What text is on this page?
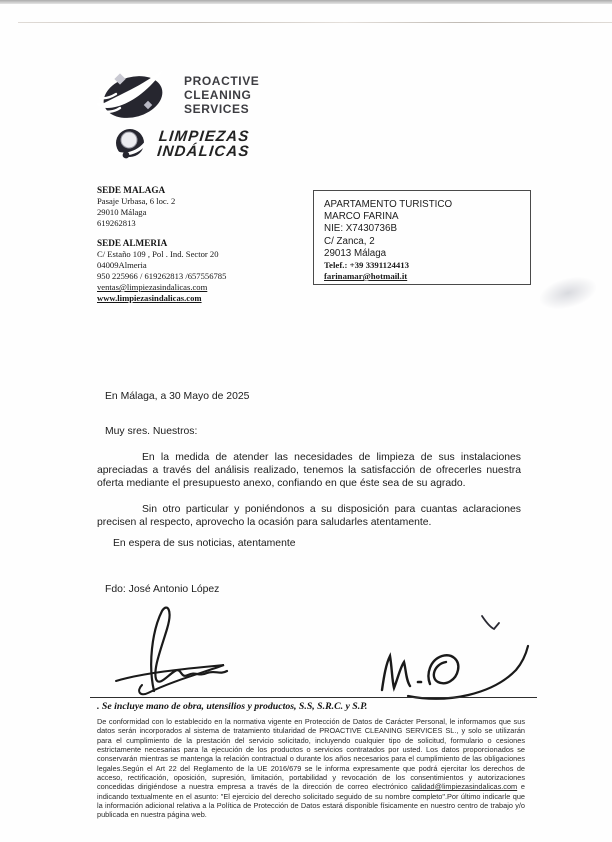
PROACTIVE
CLEANING
SERVICES
LIMPIEZAS
INDÁLICAS
SEDE MALAGA
Pasaje Urbasa, 6 loc. 2
29010 Málaga
619262813
SEDE ALMERIA
C/ Estaño 109 , Pol . Ind. Sector 20
04009Almeria
950 225966 / 619262813 /657556785
ventas@limpiezasindalicas.com
www.limpiezasindalicas.com
APARTAMENTO TURISTICO
MARCO FARINA
NIE: X7430736B
C/ Zanca, 2
29013 Málaga
Telef.: +39 3391124413
farinamar@hotmail.it
En Málaga, a 30 Mayo de 2025
Muy sres. Nuestros:
En la medida de atender las necesidades de limpieza de sus instalaciones apreciadas a través del análisis realizado, tenemos la satisfacción de ofrecerles nuestra oferta mediante el presupuesto anexo, confiando en que éste sea de su agrado.
Sin otro particular y poniéndonos a su disposición para cuantas aclaraciones precisen al respecto, aprovecho la ocasión para saludarles atentamente.
En espera de sus noticias, atentamente
Fdo: José Antonio López
. Se incluye mano de obra, utensilios y productos, S.S, S.R.C. y S.P.
De conformidad con lo establecido en la normativa vigente en Protección de Datos de Carácter Personal, le informamos que sus datos serán incorporados al sistema de tratamiento titularidad de PROACTIVE CLEANING SERVICES SL., y solo se utilizarán para el cumplimiento de la prestación del servicio solicitado, incluyendo cualquier tipo de solicitud, formulario o cesiones estrictamente necesarias para la ejecución de los productos o servicios contratados por usted. Los datos proporcionados se conservarán mientras se mantenga la relación contractual o durante los años necesarios para el cumplimiento de las obligaciones legales.Según el Art 22 del Reglamento de la UE 2016/679 se le informa expresamente que podrá ejercitar los derechos de acceso, rectificación, oposición, supresión, limitación, portabilidad y revocación de los consentimientos y autorizaciones concedidas dirigiéndose a nuestra empresa a través de la dirección de correo electrónico calidad@limpiezasindalicas.com e indicando textualmente en el asunto: "El ejercicio del derecho solicitado seguido de su nombre completo".Por último indicarle que la información adicional relativa a la Política de Protección de Datos estará disponible físicamente en nuestro centro de trabajo y/o publicada en nuestra página web.
